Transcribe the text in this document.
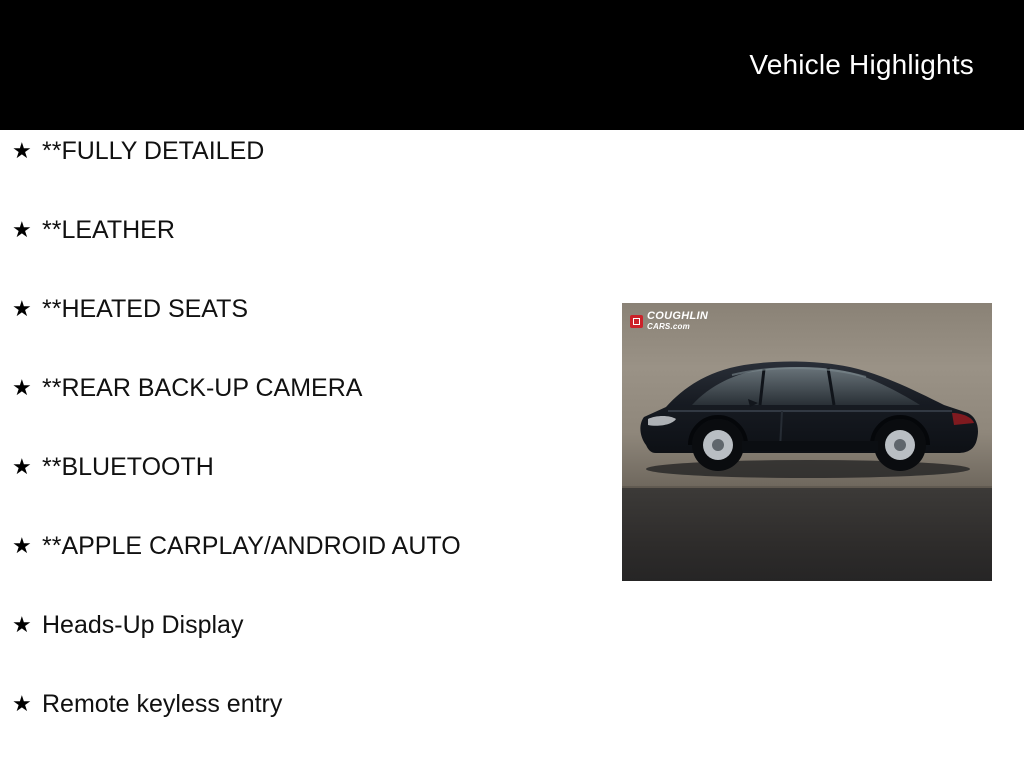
Vehicle Highlights
★ **FULLY DETAILED
★ **LEATHER
★ **HEATED SEATS
★ **REAR BACK-UP CAMERA
★ **BLUETOOTH
★ **APPLE CARPLAY/ANDROID AUTO
★ Heads-Up Display
★ Remote keyless entry
COUGHLIN
CARS.com
